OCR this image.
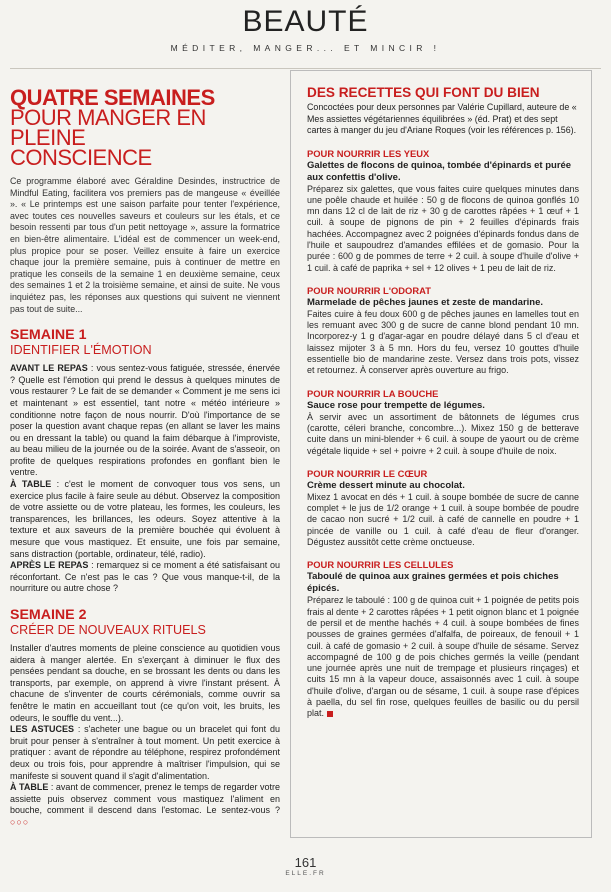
BEAUTÉ
MÉDITER, MANGER... ET MINCIR !
QUATRE SEMAINES
POUR MANGER EN PLEINE
CONSCIENCE

Ce programme élaboré avec Géraldine Desindes, instructrice de Mindful Eating, facilitera vos premiers pas de mangeuse « éveillée ». « Le printemps est une saison parfaite pour tenter l'expérience, avec toutes ces nouvelles saveurs et couleurs sur les étals, et ce besoin ressenti par tous d'un petit nettoyage », assure la formatrice en bien-être alimentaire. L'idéal est de commencer un week-end, plus propice pour se poser. Veillez ensuite à faire un exercice chaque jour la première semaine, puis à continuer de mettre en pratique les conseils de la semaine 1 en deuxième semaine, ceux des semaines 1 et 2 la troisième semaine, et ainsi de suite. Ne vous inquiétez pas, les réponses aux questions qui suivent ne viennent pas tout de suite...

SEMAINE 1
IDENTIFIER L'ÉMOTION

AVANT LE REPAS : vous sentez-vous fatiguée, stressée, énervée ? Quelle est l'émotion qui prend le dessus à quelques minutes de vous restaurer ? Le fait de se demander « Comment je me sens ici et maintenant » est essentiel, tant notre « météo intérieure » conditionne notre façon de nous nourrir. D'où l'importance de se poser la question avant chaque repas (en allant se laver les mains ou en dressant la table) ou quand la faim débarque à l'improviste, au beau milieu de la journée ou de la soirée. Avant de s'asseoir, on profite de quelques respirations profondes en gonflant bien le ventre.

À TABLE : c'est le moment de convoquer tous vos sens, un exercice plus facile à faire seule au début. Observez la composition de votre assiette ou de votre plateau, les formes, les couleurs, les transparences, les brillances, les odeurs. Soyez attentive à la texture et aux saveurs de la première bouchée qui évoluent à mesure que vous mastiquez. Et ensuite, une fois par semaine, sans distraction (portable, ordinateur, télé, radio).

APRÈS LE REPAS : remarquez si ce moment a été satisfaisant ou réconfortant. Ce n'est pas le cas ? Que vous manque-t-il, de la nourriture ou autre chose ?

SEMAINE 2
CRÉER DE NOUVEAUX RITUELS

Installer d'autres moments de pleine conscience au quotidien vous aidera à manger alertée. En s'exerçant à diminuer le flux des pensées pendant sa douche, en se brossant les dents ou dans les transports, par exemple, on apprend à vivre l'instant présent. À chacune de s'inventer de courts cérémonials, comme ouvrir sa fenêtre le matin en accueillant tout (ce qu'on voit, les bruits, les odeurs, le souffle du vent...).

LES ASTUCES : s'acheter une bague ou un bracelet qui font du bruit pour penser à s'entraîner à tout moment. Un petit exercice à pratiquer : avant de répondre au téléphone, respirez profondément deux ou trois fois, pour apprendre à maîtriser l'impulsion, qui se manifeste si souvent quand il s'agit d'alimentation.

À TABLE : avant de commencer, prenez le temps de regarder votre assiette puis observez comment vous mastiquez l'aliment en bouche, comment il descend dans l'estomac. Le sentez-vous ? ○○○

DES RECETTES QUI FONT DU BIEN

Concoctées pour deux personnes par Valérie Cupillard, auteure de « Mes assiettes végétariennes équilibrées » (éd. Prat) et des sept cartes à manger du jeu d'Ariane Roques (voir les références p. 156).

POUR NOURRIR LES YEUX
Galettes de flocons de quinoa, tombée d'épinards et purée aux confettis d'olive.
Préparez six galettes, que vous faites cuire quelques minutes dans une poêle chaude et huilée : 50 g de flocons de quinoa gonflés 10 mn dans 12 cl de lait de riz + 30 g de carottes râpées + 1 œuf + 1 cuil. à soupe de pignons de pin + 2 feuilles d'épinards frais hachées. Accompagnez avec 2 poignées d'épinards fondus dans de l'huile et saupoudrez d'amandes effilées et de gomasio. Pour la purée : 600 g de pommes de terre + 2 cuil. à soupe d'huile d'olive + 1 cuil. à café de paprika + sel + 12 olives + 1 peu de lait de riz.
POUR NOURRIR L'ODORAT
Marmelade de pêches jaunes et zeste de mandarine.
Faites cuire à feu doux 600 g de pêches jaunes en lamelles tout en les remuant avec 300 g de sucre de canne blond pendant 10 mn. Incorporez-y 1 g d'agar-agar en poudre délayé dans 5 cl d'eau et laissez mijoter 3 à 5 mn. Hors du feu, versez 10 gouttes d'huile essentielle bio de mandarine zeste. Versez dans trois pots, vissez et retournez. À conserver après ouverture au frigo.
POUR NOURRIR LA BOUCHE
Sauce rose pour trempette de légumes.
À servir avec un assortiment de bâtonnets de légumes crus (carotte, céleri branche, concombre...). Mixez 150 g de betterave cuite dans un mini-blender + 6 cuil. à soupe de yaourt ou de crème végétale liquide + sel + poivre + 2 cuil. à soupe d'huile de noix.
POUR NOURRIR LE CŒUR
Crème dessert minute au chocolat.
Mixez 1 avocat en dés + 1 cuil. à soupe bombée de sucre de canne complet + le jus de 1/2 orange + 1 cuil. à soupe bombée de poudre de cacao non sucré + 1/2 cuil. à café de cannelle en poudre + 1 pincée de vanille ou 1 cuil. à café d'eau de fleur d'oranger. Dégustez aussitôt cette crème onctueuse.
POUR NOURRIR LES CELLULES
Taboulé de quinoa aux graines germées et pois chiches épicés.
Préparez le taboulé : 100 g de quinoa cuit + 1 poignée de petits pois frais al dente + 2 carottes râpées + 1 petit oignon blanc et 1 poignée de persil et de menthe hachés + 4 cuil. à soupe bombées de fines pousses de graines germées d'alfalfa, de poireaux, de fenouil + 1 cuil. à café de gomasio + 2 cuil. à soupe d'huile de sésame. Servez accompagné de 100 g de pois chiches germés la veille (pendant une journée après une nuit de trempage et plusieurs rinçages) et cuits 15 mn à la vapeur douce, assaisonnés avec 1 cuil. à soupe d'huile d'olive, d'argan ou de sésame, 1 cuil. à soupe rase d'épices à paella, du sel fin rose, quelques feuilles de basilic ou du persil plat.
161
ELLE.FR
